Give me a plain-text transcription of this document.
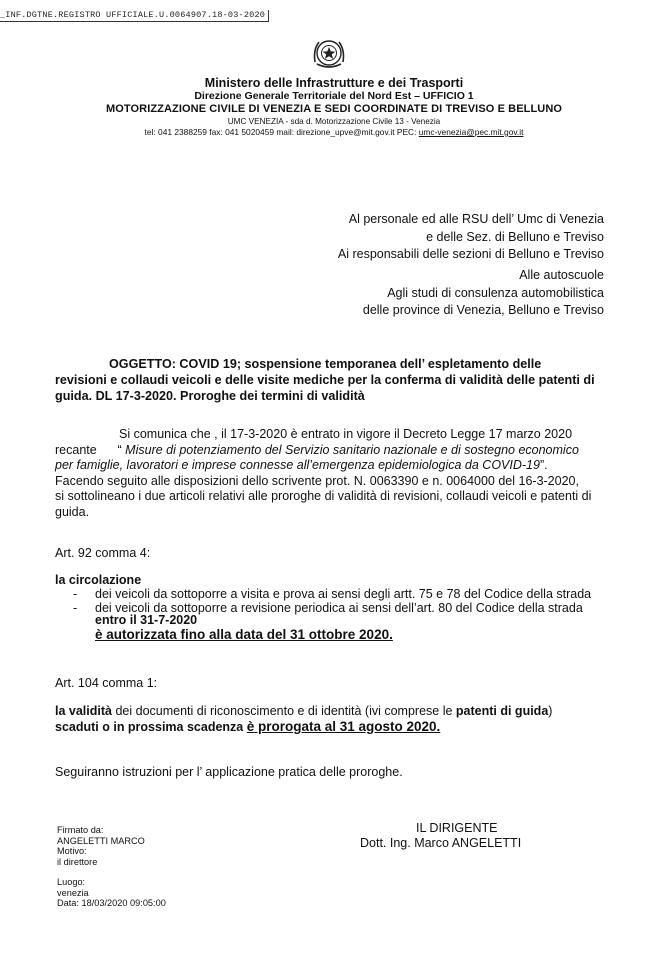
_INF.DGTNE.REGISTRO UFFICIALE.U.0064907.18-03-2020
Ministero delle Infrastrutture e dei Trasporti
Direzione Generale Territoriale del Nord Est – UFFICIO 1
MOTORIZZAZIONE CIVILE DI VENEZIA E SEDI COORDINATE DI TREVISO E BELLUNO
UMC VENEZIA - sda d. Motorizzazione Civile 13 - Venezia
tel: 041 2388259 fax: 041 5020459 mail: direzione_upve@mit.gov.it PEC: umc-venezia@pec.mit.gov.it
Al personale ed alle RSU dell’ Umc di Venezia
e delle Sez. di Belluno e Treviso
Ai responsabili delle sezioni di Belluno e Treviso
Alle autoscuole
Agli studi di consulenza automobilistica
delle province di Venezia, Belluno e Treviso
OGGETTO: COVID 19; sospensione temporanea dell’ espletamento delle
revisioni e collaudi veicoli e delle visite mediche per la conferma di validità delle patenti di
guida. DL 17-3-2020. Proroghe dei termini di validità
Si comunica che , il 17-3-2020 è entrato in vigore il Decreto Legge 17 marzo 2020
recante      “ Misure di potenziamento del Servizio sanitario nazionale e di sostegno economico
per famiglie, lavoratori e imprese connesse all’emergenza epidemiologica da COVID-19”.
Facendo seguito alle disposizioni dello scrivente prot. N. 0063390 e n. 0064000 del 16-3-2020,
si sottolineano i due articoli relativi alle proroghe di validità di revisioni, collaudi veicoli e patenti di
guida.
Art. 92 comma 4:
la circolazione
- dei veicoli da sottoporre a visita e prova ai sensi degli artt. 75 e 78 del Codice della strada
- dei veicoli da sottoporre a revisione periodica ai sensi dell’art. 80 del Codice della strada
entro il 31-7-2020
è autorizzata fino alla data del 31 ottobre 2020.
Art. 104 comma 1:
la validità dei documenti di riconoscimento e di identità (ivi comprese le patenti di guida)
scaduti o in prossima scadenza è prorogata al 31 agosto 2020.
Seguiranno istruzioni per l’ applicazione pratica delle proroghe.
IL DIRIGENTE
Dott. Ing. Marco ANGELETTI
Firmato da:
ANGELETTI MARCO
Motivo:
il direttore
Luogo:
venezia
Data: 18/03/2020 09:05:00
